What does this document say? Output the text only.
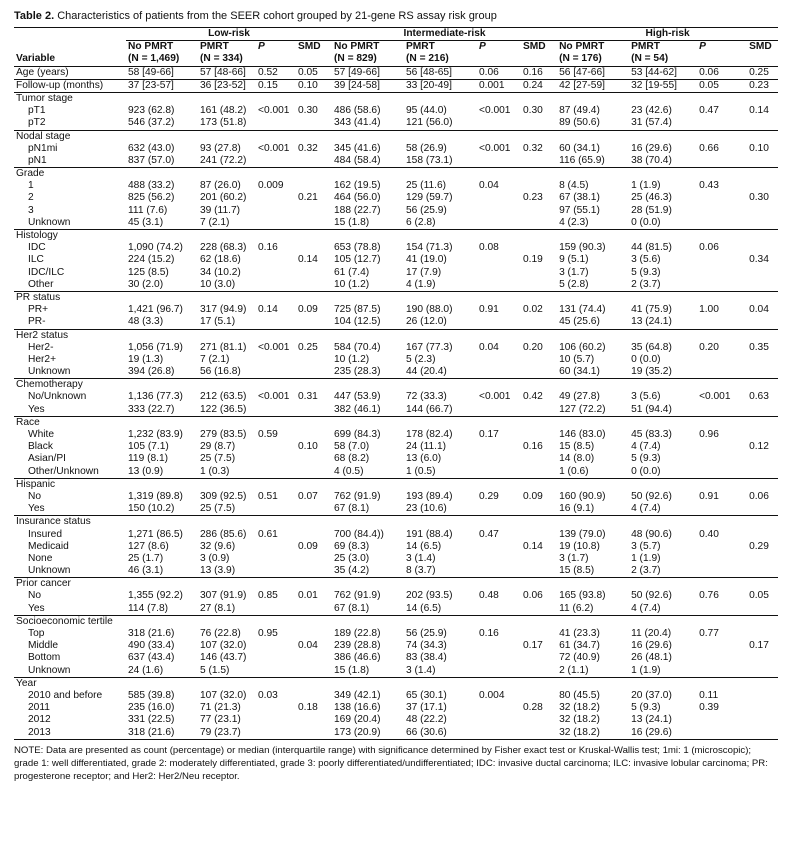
Table 2. Characteristics of patients from the SEER cohort grouped by 21-gene RS assay risk group
	Low-risk				Intermediate-risk				High-risk			
	No PMRT	PMRT	P	SMD	No PMRT	PMRT	P	SMD	No PMRT	PMRT	P	SMD
Variable	(N = 1,469)	(N = 334)			(N = 829)	(N = 216)			(N = 176)	(N = 54)		
Age (years)	58 [49-66]	57 [48-66]	0.52	0.05	57 [49-66]	56 [48-65]	0.06	0.16	56 [47-66]	53 [44-62]	0.06	0.25
Follow-up (months)	37 [23-57]	36 [23-52]	0.15	0.10	39 [24-58]	33 [20-49]	0.001	0.24	42 [27-59]	32 [19-55]	0.05	0.23
Tumor stage												
pT1	923 (62.8)	161 (48.2)	<0.001	0.30	486 (58.6)	95 (44.0)	<0.001	0.30	87 (49.4)	23 (42.6)	0.47	0.14
pT2	546 (37.2)	173 (51.8)			343 (41.4)	121 (56.0)			89 (50.6)	31 (57.4)		
Nodal stage												
pN1mi	632 (43.0)	93 (27.8)	<0.001	0.32	345 (41.6)	58 (26.9)	<0.001	0.32	60 (34.1)	16 (29.6)	0.66	0.10
pN1	837 (57.0)	241 (72.2)			484 (58.4)	158 (73.1)			116 (65.9)	38 (70.4)		
Grade												
1	488 (33.2)	87 (26.0)	0.009		162 (19.5)	25 (11.6)	0.04		8 (4.5)	1 (1.9)	0.43	
2	825 (56.2)	201 (60.2)		0.21	464 (56.0)	129 (59.7)		0.23	67 (38.1)	25 (46.3)		0.30
3	111 (7.6)	39 (11.7)			188 (22.7)	56 (25.9)			97 (55.1)	28 (51.9)		
Unknown	45 (3.1)	7 (2.1)			15 (1.8)	6 (2.8)			4 (2.3)	0 (0.0)		
Histology												
IDC	1,090 (74.2)	228 (68.3)	0.16		653 (78.8)	154 (71.3)	0.08		159 (90.3)	44 (81.5)	0.06	
ILC	224 (15.2)	62 (18.6)		0.14	105 (12.7)	41 (19.0)		0.19	9 (5.1)	3 (5.6)		0.34
IDC/ILC	125 (8.5)	34 (10.2)			61 (7.4)	17 (7.9)			3 (1.7)	5 (9.3)		
Other	30 (2.0)	10 (3.0)			10 (1.2)	4 (1.9)			5 (2.8)	2 (3.7)		
PR status												
PR+	1,421 (96.7)	317 (94.9)	0.14	0.09	725 (87.5)	190 (88.0)	0.91	0.02	131 (74.4)	41 (75.9)	1.00	0.04
PR-	48 (3.3)	17 (5.1)			104 (12.5)	26 (12.0)			45 (25.6)	13 (24.1)		
Her2 status												
Her2-	1,056 (71.9)	271 (81.1)	<0.001	0.25	584 (70.4)	167 (77.3)	0.04	0.20	106 (60.2)	35 (64.8)	0.20	0.35
Her2+	19 (1.3)	7 (2.1)			10 (1.2)	5 (2.3)			10 (5.7)	0 (0.0)		
Unknown	394 (26.8)	56 (16.8)			235 (28.3)	44 (20.4)			60 (34.1)	19 (35.2)		
Chemotherapy												
No/Unknown	1,136 (77.3)	212 (63.5)	<0.001	0.31	447 (53.9)	72 (33.3)	<0.001	0.42	49 (27.8)	3 (5.6)	<0.001	0.63
Yes	333 (22.7)	122 (36.5)			382 (46.1)	144 (66.7)			127 (72.2)	51 (94.4)		
Race												
White	1,232 (83.9)	279 (83.5)	0.59		699 (84.3)	178 (82.4)	0.17		146 (83.0)	45 (83.3)	0.96	
Black	105 (7.1)	29 (8.7)		0.10	58 (7.0)	24 (11.1)		0.16	15 (8.5)	4 (7.4)		0.12
Asian/PI	119 (8.1)	25 (7.5)			68 (8.2)	13 (6.0)			14 (8.0)	5 (9.3)		
Other/Unknown	13 (0.9)	1 (0.3)			4 (0.5)	1 (0.5)			1 (0.6)	0 (0.0)		
Hispanic												
No	1,319 (89.8)	309 (92.5)	0.51	0.07	762 (91.9)	193 (89.4)	0.29	0.09	160 (90.9)	50 (92.6)	0.91	0.06
Yes	150 (10.2)	25 (7.5)			67 (8.1)	23 (10.6)			16 (9.1)	4 (7.4)		
Insurance status												
Insured	1,271 (86.5)	286 (85.6)	0.61		700 (84.4))	191 (88.4)	0.47		139 (79.0)	48 (90.6)	0.40	
Medicaid	127 (8.6)	32 (9.6)		0.09	69 (8.3)	14 (6.5)		0.14	19 (10.8)	3 (5.7)		0.29
None	25 (1.7)	3 (0.9)			25 (3.0)	3 (1.4)			3 (1.7)	1 (1.9)		
Unknown	46 (3.1)	13 (3.9)			35 (4.2)	8 (3.7)			15 (8.5)	2 (3.7)		
Prior cancer												
No	1,355 (92.2)	307 (91.9)	0.85	0.01	762 (91.9)	202 (93.5)	0.48	0.06	165 (93.8)	50 (92.6)	0.76	0.05
Yes	114 (7.8)	27 (8.1)			67 (8.1)	14 (6.5)			11 (6.2)	4 (7.4)		
Socioeconomic tertile												
Top	318 (21.6)	76 (22.8)	0.95		189 (22.8)	56 (25.9)	0.16		41 (23.3)	11 (20.4)	0.77	
Middle	490 (33.4)	107 (32.0)		0.04	239 (28.8)	74 (34.3)		0.17	61 (34.7)	16 (29.6)		0.17
Bottom	637 (43.4)	146 (43.7)			386 (46.6)	83 (38.4)			72 (40.9)	26 (48.1)		
Unknown	24 (1.6)	5 (1.5)			15 (1.8)	3 (1.4)			2 (1.1)	1 (1.9)		
Year												
2010 and before	585 (39.8)	107 (32.0)	0.03		349 (42.1)	65 (30.1)	0.004		80 (45.5)	20 (37.0)	0.11	
2011	235 (16.0)	71 (21.3)		0.18	138 (16.6)	37 (17.1)		0.28	32 (18.2)	5 (9.3)	0.39	
2012	331 (22.5)	77 (23.1)			169 (20.4)	48 (22.2)			32 (18.2)	13 (24.1)		
2013	318 (21.6)	79 (23.7)			173 (20.9)	66 (30.6)			32 (18.2)	16 (29.6)		
NOTE: Data are presented as count (percentage) or median (interquartile range) with significance determined by Fisher exact test or Kruskal-Wallis test; 1mi: 1 (microscopic); grade 1: well differentiated, grade 2: moderately differentiated, grade 3: poorly differentiated/undifferentiated; IDC: invasive ductal carcinoma; ILC: invasive lobular carcinoma; PR: progesterone receptor; and Her2: Her2/Neu receptor.
